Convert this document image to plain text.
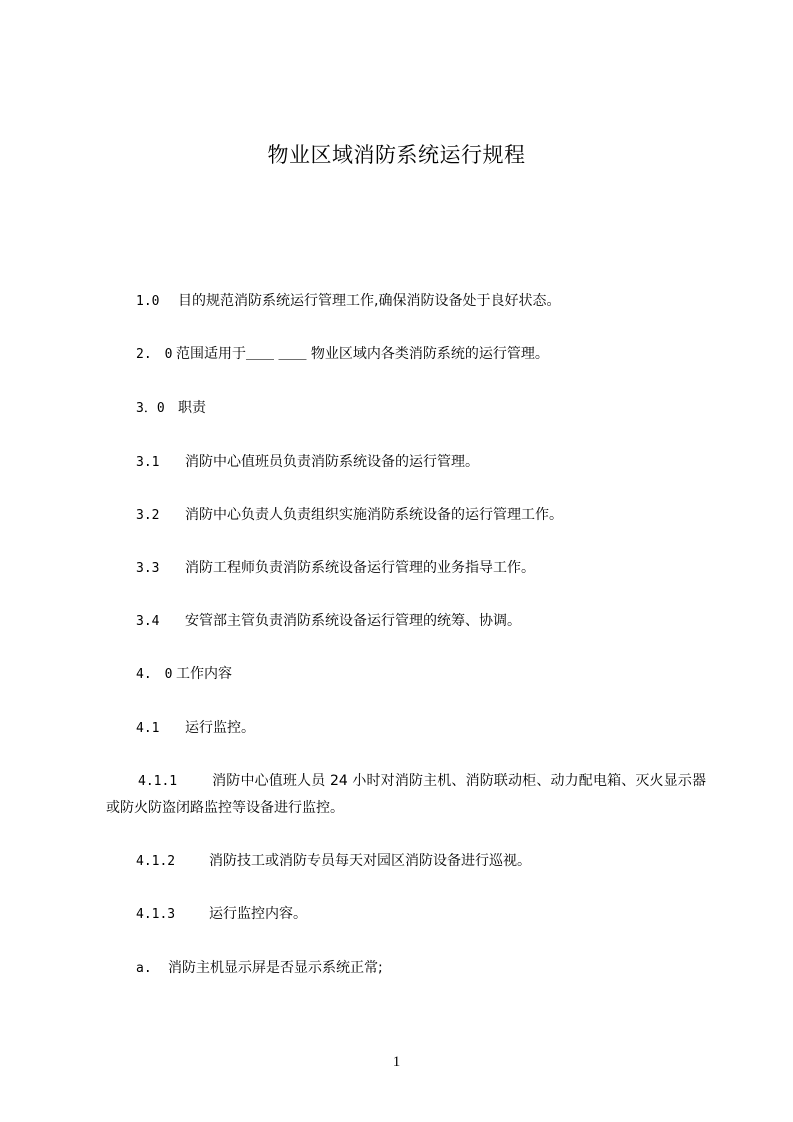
物业区域消防系统运行规程
1.0 目的规范消防系统运行管理工作,确保消防设备处于良好状态。
2.　0 范围适用于＿＿ ＿＿ 物业区域内各类消防系统的运行管理。
3．0 职责
3.1 消防中心值班员负责消防系统设备的运行管理。
3.2 消防中心负责人负责组织实施消防系统设备的运行管理工作。
3.3 消防工程师负责消防系统设备运行管理的业务指导工作。
3.4 安管部主管负责消防系统设备运行管理的统筹、协调。
4.　0 工作内容
4.1 运行监控。
4.1.1 消防中心值班人员 24 小时对消防主机、消防联动柜、动力配电箱、灭火显示器或防火防盗闭路监控等设备进行监控。
4.1.2 消防技工或消防专员每天对园区消防设备进行巡视。
4.1.3 运行监控内容。
a. 消防主机显示屏是否显示系统正常;
1
